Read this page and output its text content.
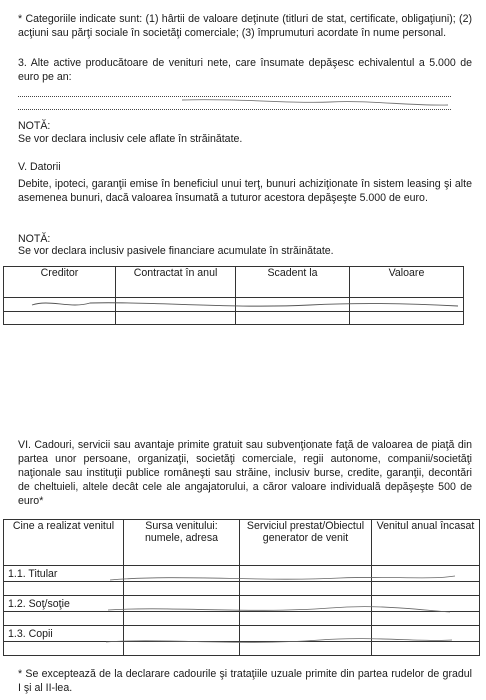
* Categoriile indicate sunt: (1) hârtii de valoare deţinute (titluri de stat, certificate, obligaţiuni); (2) acţiuni sau părţi sociale în societăţi comerciale; (3) împrumuturi acordate în nume personal.

3. Alte active producătoare de venituri nete, care însumate depăşesc echivalentul a 5.000 de euro pe an:

NOTĂ:

Se vor declara inclusiv cele aflate în străinătate.

V. Datorii

Debite, ipoteci, garanţii emise în beneficiul unui terţ, bunuri achiziţionate în sistem leasing şi alte asemenea bunuri, dacă valoarea însumată a tuturor acestora depăşeşte 5.000 de euro.

NOTĂ:

Se vor declara inclusiv pasivele financiare acumulate în străinătate.

Creditor	Contractat în anul	Scadent la	Valoare

VI. Cadouri, servicii sau avantaje primite gratuit sau subvenţionate faţă de valoarea de piaţă din partea unor persoane, organizaţii, societăţi comerciale, regii autonome, companii/societăţi naţionale sau instituţii publice româneşti sau străine, inclusiv burse, credite, garanţii, decontări de cheltuieli, altele decât cele ale angajatorului, a căror valoare individuală depăşeşte 500 de euro*

Cine a realizat venitul	Sursa venitului: numele, adresa	Serviciul prestat/Obiectul generator de venit	Venitul anual încasat
1.1. Titular			

1.2. Soţ/soţie			

1.3. Copii			

* Se exceptează de la declarare cadourile şi trataţiile uzuale primite din partea rudelor de gradul I şi al II-lea.
